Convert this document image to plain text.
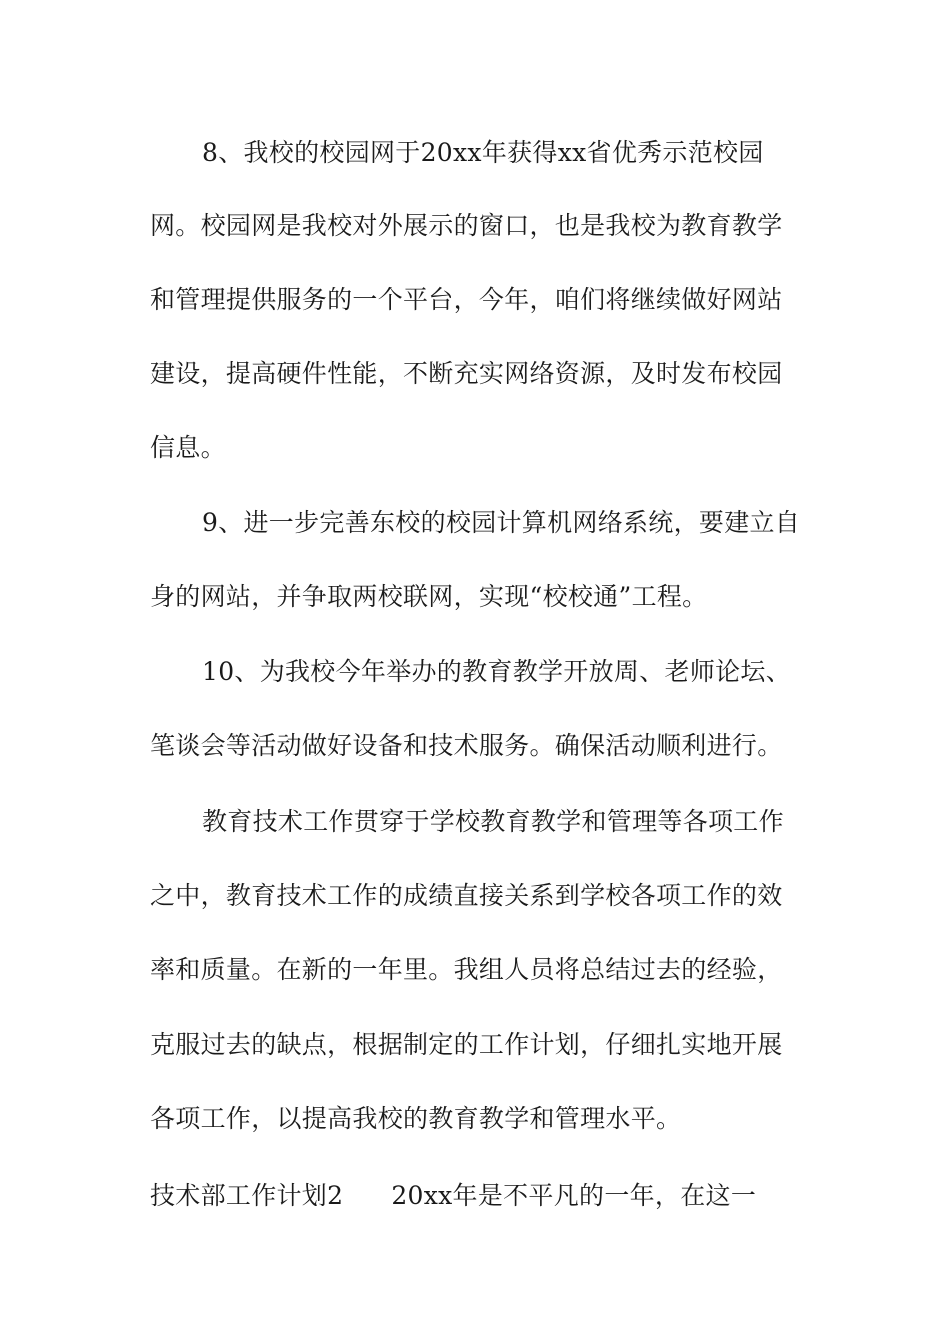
8、我校的校园网于20xx年获得xx省优秀示范校园
网。校园网是我校对外展示的窗口，也是我校为教育教学
和管理提供服务的一个平台，今年，咱们将继续做好网站
建设，提高硬件性能，不断充实网络资源，及时发布校园
信息。
9、进一步完善东校的校园计算机网络系统，要建立自
身的网站，并争取两校联网，实现“校校通”工程。
10、为我校今年举办的教育教学开放周、老师论坛、
笔谈会等活动做好设备和技术服务。确保活动顺利进行。
教育技术工作贯穿于学校教育教学和管理等各项工作
之中，教育技术工作的成绩直接关系到学校各项工作的效
率和质量。在新的一年里。我组人员将总结过去的经验，
克服过去的缺点，根据制定的工作计划，仔细扎实地开展
各项工作，以提高我校的教育教学和管理水平。
技术部工作计划2 20xx年是不平凡的一年，在这一
